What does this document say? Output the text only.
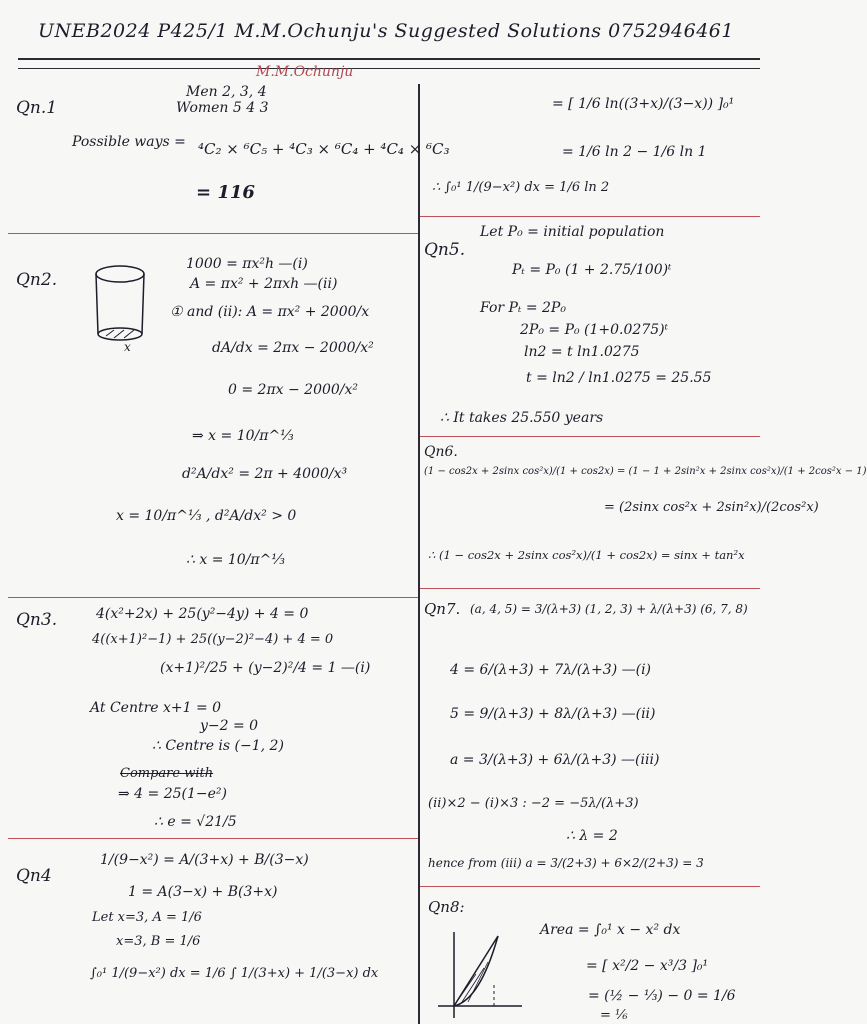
UNEB2024 P425/1 M.M.Ochunju's Suggested Solutions 0752946461
M.M.Ochunju
Qn.1
Men 2, 3, 4
Women 5 4 3
Possible ways = ⁴C₂ × ⁶C₅ + ⁴C₃ × ⁶C₄ + ⁴C₄ × ⁶C₃
= 116
Qn2.
x
1000 = πx²h —(i)
A = πx² + 2πxh —(ii)
① and (ii): A = πx² + 2000/x
dA/dx = 2πx − 2000/x²
0 = 2πx − 2000/x²
⇒ x = 10/π^⅓
d²A/dx² = 2π + 4000/x³
x = 10/π^⅓ , d²A/dx² > 0
∴ x = 10/π^⅓
Qn3.	4(x²+2x) + 25(y²−4y) + 4 = 0
4((x+1)²−1) + 25((y−2)²−4) + 4 = 0
(x+1)²/25 + (y−2)²/4 = 1 —(i)
At Centre x+1 = 0
y−2 = 0
∴ Centre is (−1, 2)
Compare with
⇒ 4 = 25(1−e²)
∴ e = √21/5
Qn4
1/(9−x²) = A/(3+x) + B/(3−x)
1 = A(3−x) + B(3+x)
Let x=3, A = 1/6
x=3, B = 1/6
∫₀¹ 1/(9−x²) dx = 1/6 ∫ 1/(3+x) + 1/(3−x) dx
= [ 1/6 ln((3+x)/(3−x)) ]₀¹
= 1/6 ln 2 − 1/6 ln 1
∴ ∫₀¹ 1/(9−x²) dx = 1/6 ln 2
Qn5.
Let P₀ = initial population
Pₜ = P₀ (1 + 2.75/100)ᵗ
For Pₜ = 2P₀
2P₀ = P₀ (1+0.0275)ᵗ
ln2 = t ln1.0275
t = ln2 / ln1.0275 = 25.55
∴ It takes 25.550 years
Qn6.
(1 − cos2x + 2sinx cos²x)/(1 + cos2x) = (1 − 1 + 2sin²x + 2sinx cos²x)/(1 + 2cos²x − 1)
= (2sinx cos²x + 2sin²x)/(2cos²x)
∴ (1 − cos2x + 2sinx cos²x)/(1 + cos2x) = sinx + tan²x
Qn7. (a, 4, 5) = 3/(λ+3) (1, 2, 3) + λ/(λ+3) (6, 7, 8)
4 = 6/(λ+3) + 7λ/(λ+3) —(i)
5 = 9/(λ+3) + 8λ/(λ+3) —(ii)
a = 3/(λ+3) + 6λ/(λ+3) —(iii)
(ii)×2 − (i)×3 : −2 = −5λ/(λ+3)
∴ λ = 2
hence from (iii) a = 3/(2+3) + 6×2/(2+3) = 3
Qn8:
Area = ∫₀¹ x − x² dx
= [ x²/2 − x³/3 ]₀¹
= (½ − ⅓) − 0 = 1/6
= ⅙
